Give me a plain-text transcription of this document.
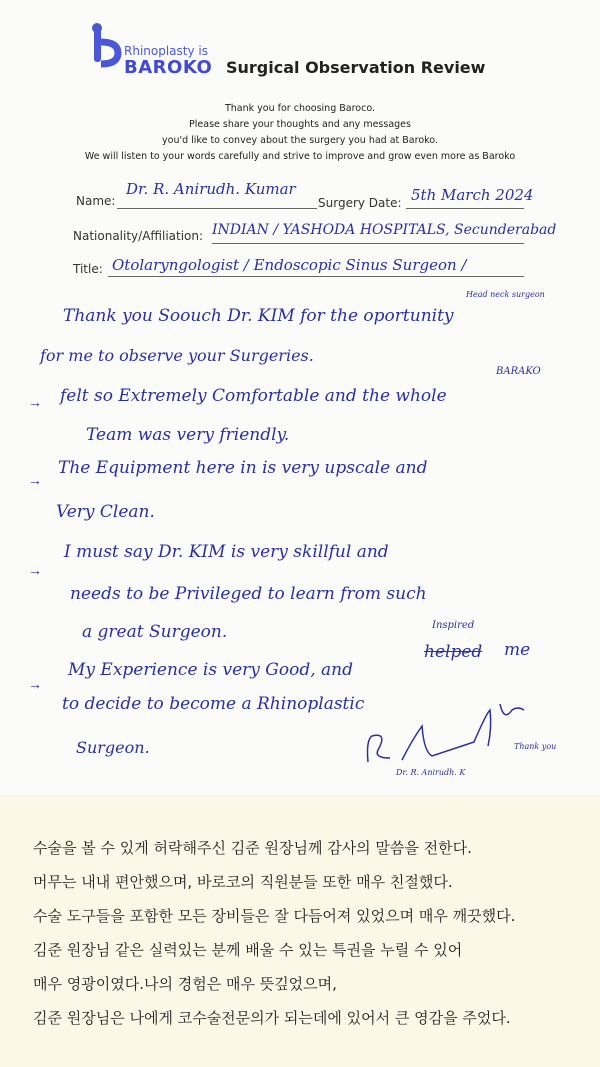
Rhinoplasty is
BAROKO Surgical Observation Review
Thank you for choosing Baroco.
Please share your thoughts and any messages
you'd like to convey about the surgery you had at Baroko.
We will listen to your words carefully and strive to improve and grow even more as Baroko
Name:
Dr. R. Anirudh. Kumar
Surgery Date: 5th March 2024
Nationality/Affiliation: INDIAN / YASHODA HOSPITALS, Secunderabad
Title: Otolaryngologist / Endoscopic Sinus Surgeon /
Head neck surgeon
Thank you Soouch Dr. KIM for the oportunity
for me to observe your Surgeries.
→ felt so Extremely Comfortable and the whole
BARAKO
Team was very friendly.
→
The Equipment here in is very upscale and
Very Clean.
→
I must say Dr. KIM is very skillful and
needs to be Privileged to learn from such
a great Surgeon.	Inspired
→
My Experience is very Good, and
helped me
to decide to become a Rhinoplastic
Surgeon.
Dr. R. Anirudh. K
Thank you
수술을 볼 수 있게 허락해주신 김준 원장님께 감사의 말씀을 전한다.
머무는 내내 편안했으며, 바로코의 직원분들 또한 매우 친절했다.
수술 도구들을 포함한 모든 장비들은 잘 다듬어져 있었으며 매우 깨끗했다.
김준 원장님 같은 실력있는 분께 배울 수 있는 특권을 누릴 수 있어
매우 영광이였다.나의 경험은 매우 뜻깊었으며,
김준 원장님은 나에게 코수술전문의가 되는데에 있어서 큰 영감을 주었다.
